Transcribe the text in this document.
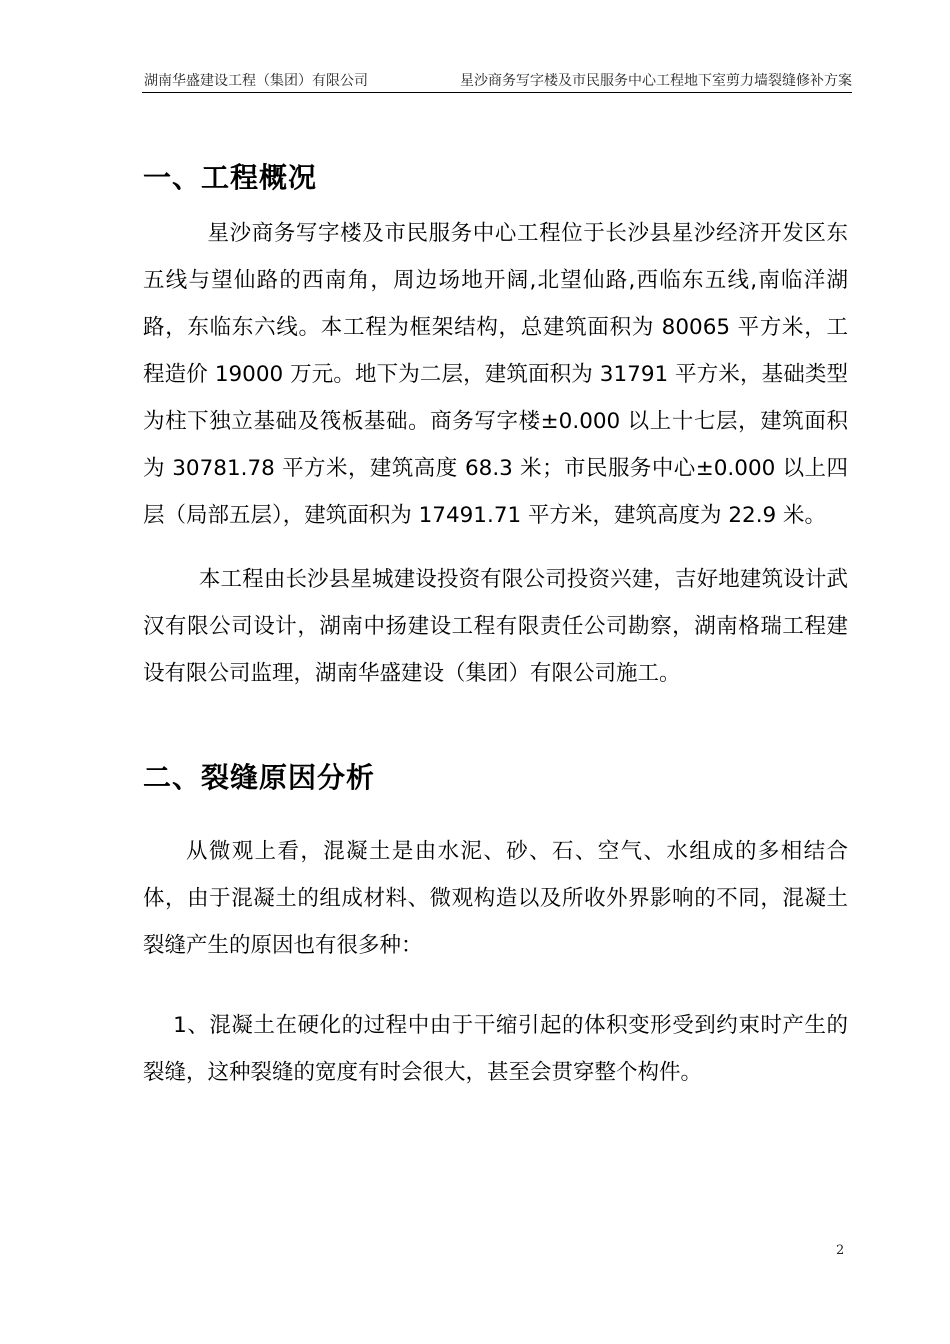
湖南华盛建设工程（集团）有限公司	星沙商务写字楼及市民服务中心工程地下室剪力墙裂缝修补方案
一、工程概况
星沙商务写字楼及市民服务中心工程位于长沙县星沙经济开发区东五线与望仙路的西南角，周边场地开阔,北望仙路,西临东五线,南临洋湖路，东临东六线。本工程为框架结构，总建筑面积为 80065 平方米，工程造价 19000 万元。地下为二层，建筑面积为 31791 平方米，基础类型为柱下独立基础及筏板基础。商务写字楼±0.000 以上十七层，建筑面积为 30781.78 平方米，建筑高度 68.3 米；市民服务中心±0.000 以上四层（局部五层），建筑面积为 17491.71 平方米，建筑高度为 22.9 米。
本工程由长沙县星城建设投资有限公司投资兴建，吉好地建筑设计武汉有限公司设计，湖南中扬建设工程有限责任公司勘察，湖南格瑞工程建设有限公司监理，湖南华盛建设（集团）有限公司施工。
二、裂缝原因分析
从微观上看，混凝土是由水泥、砂、石、空气、水组成的多相结合体，由于混凝土的组成材料、微观构造以及所收外界影响的不同，混凝土裂缝产生的原因也有很多种：
1、混凝土在硬化的过程中由于干缩引起的体积变形受到约束时产生的裂缝，这种裂缝的宽度有时会很大，甚至会贯穿整个构件。
2
